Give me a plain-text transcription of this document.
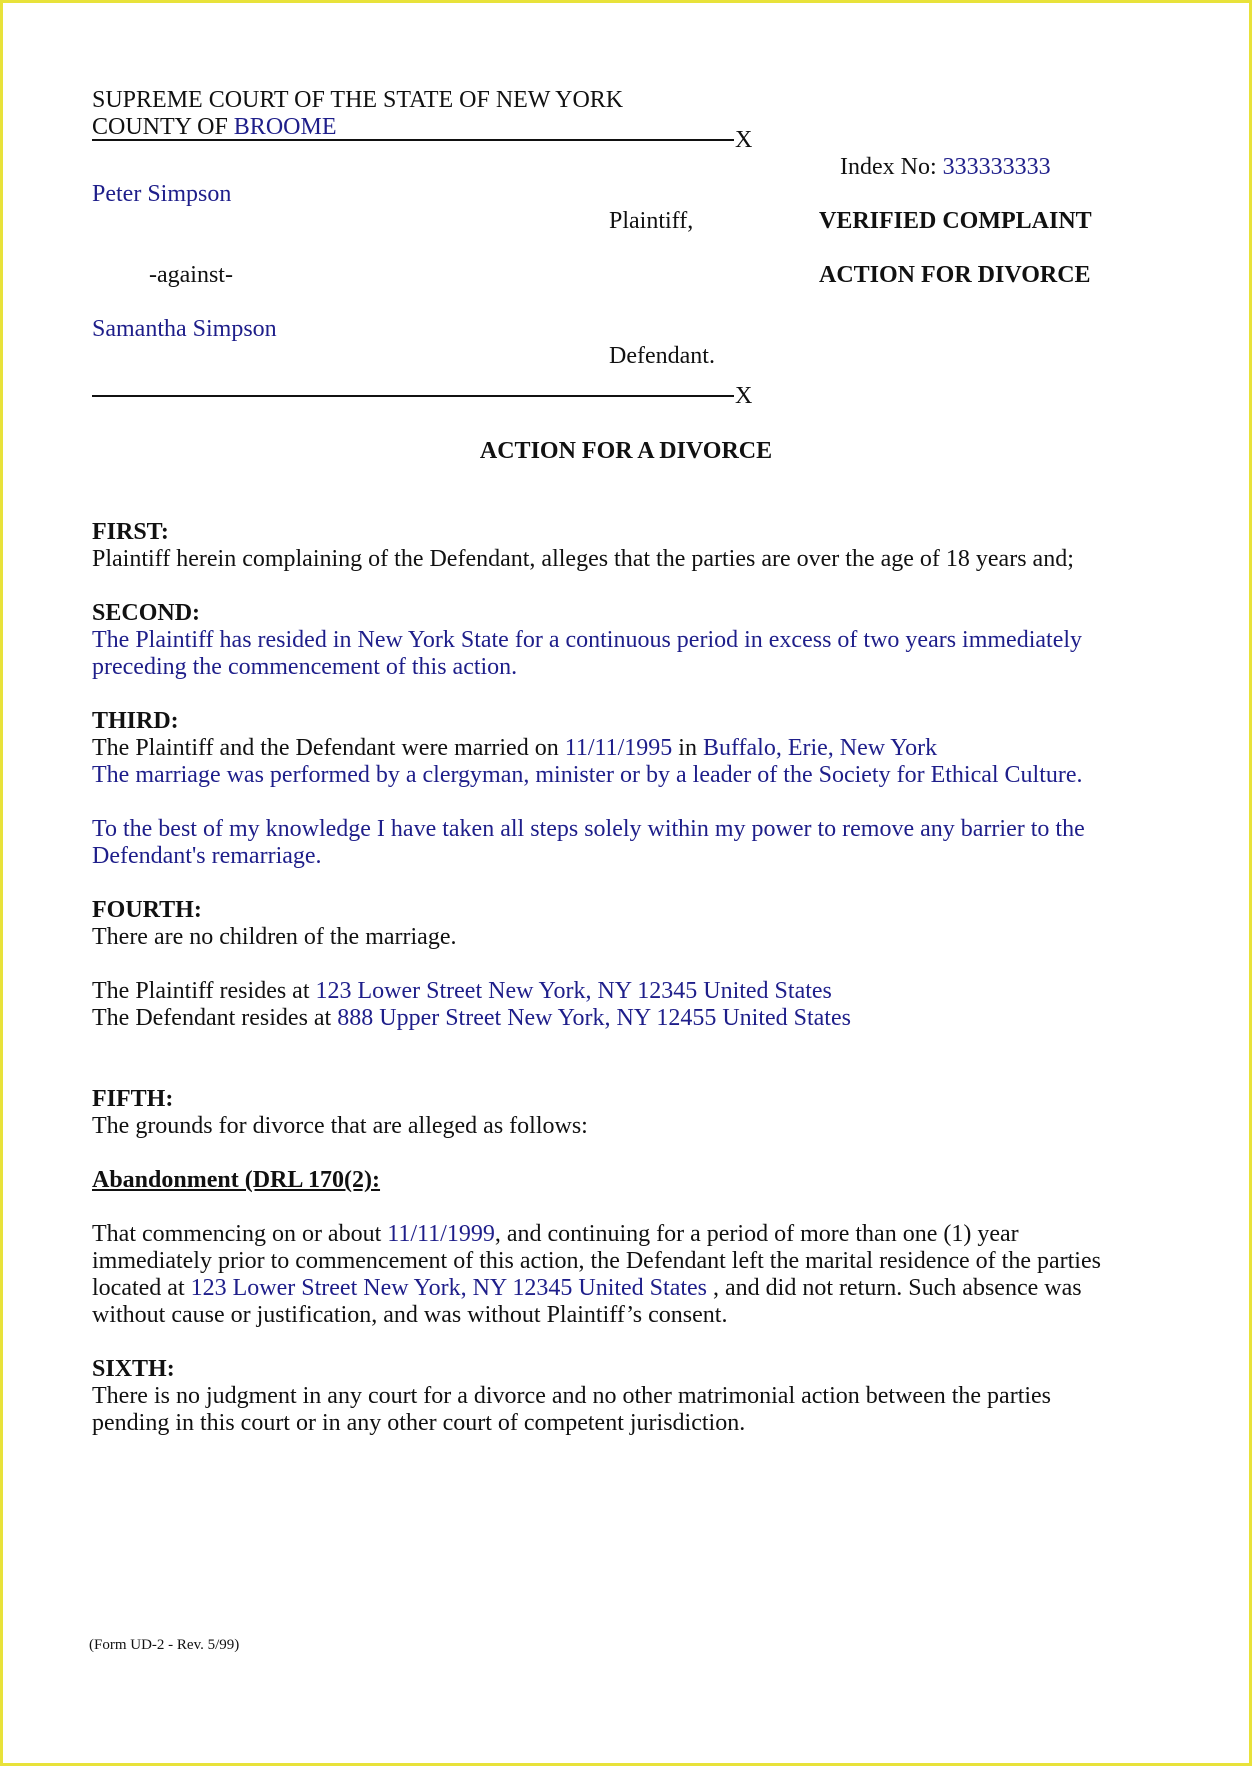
SUPREME COURT OF THE STATE OF NEW YORK
COUNTY OF BROOME	X
Index No: 333333333
Peter Simpson
Plaintiff,	VERIFIED COMPLAINT
-against-	ACTION FOR DIVORCE
Samantha Simpson
Defendant.
X
ACTION FOR A DIVORCE
FIRST:
Plaintiff herein complaining of the Defendant, alleges that the parties are over the age of 18 years and;
SECOND:
The Plaintiff has resided in New York State for a continuous period in excess of two years immediately
preceding the commencement of this action.
THIRD:
The Plaintiff and the Defendant were married on 11/11/1995 in Buffalo, Erie, New York
The marriage was performed by a clergyman, minister or by a leader of the Society for Ethical Culture.
To the best of my knowledge I have taken all steps solely within my power to remove any barrier to the
Defendant's remarriage.
FOURTH:
There are no children of the marriage.
The Plaintiff resides at 123 Lower Street New York, NY 12345 United States
The Defendant resides at 888 Upper Street New York, NY 12455 United States
FIFTH:
The grounds for divorce that are alleged as follows:
Abandonment (DRL 170(2):
That commencing on or about 11/11/1999, and continuing for a period of more than one (1) year
immediately prior to commencement of this action, the Defendant left the marital residence of the parties
located at 123 Lower Street New York, NY 12345 United States , and did not return. Such absence was
without cause or justification, and was without Plaintiff’s consent.
SIXTH:
There is no judgment in any court for a divorce and no other matrimonial action between the parties
pending in this court or in any other court of competent jurisdiction.
(Form UD-2 - Rev. 5/99)
